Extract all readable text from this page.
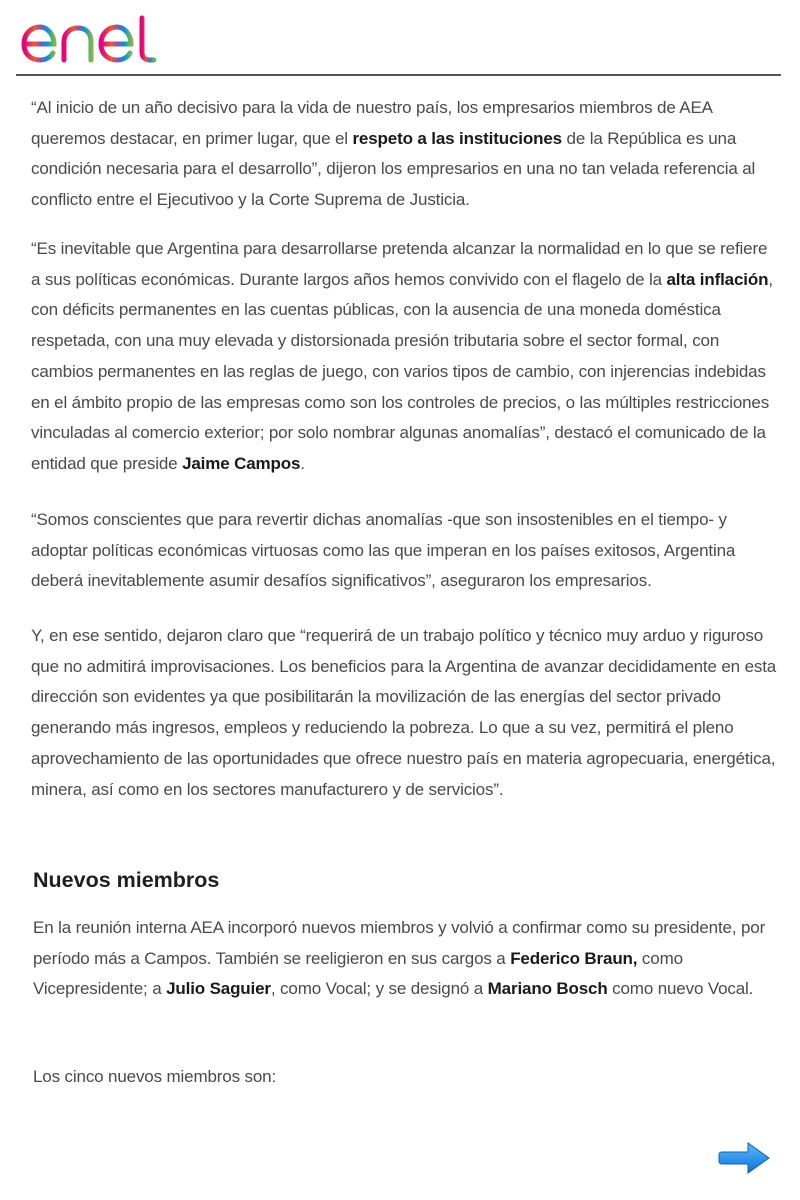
“Al inicio de un año decisivo para la vida de nuestro país, los empresarios miembros de AEA queremos destacar, en primer lugar, que el respeto a las instituciones de la República es una condición necesaria para el desarrollo”, dijeron los empresarios en una no tan velada referencia al conflicto entre el Ejecutivoo y la Corte Suprema de Justicia.

“Es inevitable que Argentina para desarrollarse pretenda alcanzar la normalidad en lo que se refiere a sus políticas económicas. Durante largos años hemos convivido con el flagelo de la alta inflación, con déficits permanentes en las cuentas públicas, con la ausencia de una moneda doméstica respetada, con una muy elevada y distorsionada presión tributaria sobre el sector formal, con cambios permanentes en las reglas de juego, con varios tipos de cambio, con injerencias indebidas en el ámbito propio de las empresas como son los controles de precios, o las múltiples restricciones vinculadas al comercio exterior; por solo nombrar algunas anomalías”, destacó el comunicado de la entidad que preside Jaime Campos.

“Somos conscientes que para revertir dichas anomalías -que son insostenibles en el tiempo- y adoptar políticas económicas virtuosas como las que imperan en los países exitosos, Argentina deberá inevitablemente asumir desafíos significativos”, aseguraron los empresarios.

Y, en ese sentido, dejaron claro que “requerirá de un trabajo político y técnico muy arduo y riguroso que no admitirá improvisaciones. Los beneficios para la Argentina de avanzar decididamente en esta dirección son evidentes ya que posibilitarán la movilización de las energías del sector privado generando más ingresos, empleos y reduciendo la pobreza. Lo que a su vez, permitirá el pleno aprovechamiento de las oportunidades que ofrece nuestro país en materia agropecuaria, energética, minera, así como en los sectores manufacturero y de servicios”.

Nuevos miembros

En la reunión interna AEA incorporó nuevos miembros y volvió a confirmar como su presidente, por período más a Campos. También se reeligieron en sus cargos a Federico Braun, como Vicepresidente; a Julio Saguier, como Vocal; y se designó a Mariano Bosch como nuevo Vocal.

Los cinco nuevos miembros son:
